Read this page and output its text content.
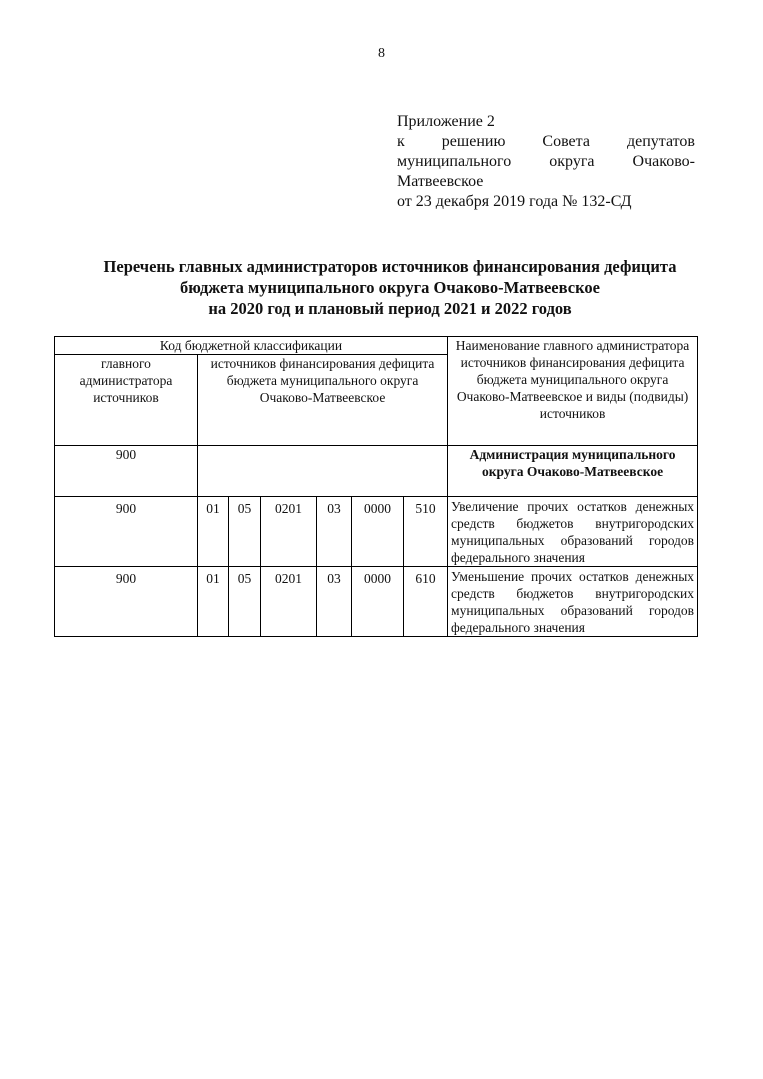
8
Приложение 2
к решению Совета депутатов
муниципального округа Очаково-
Матвеевское
от 23 декабря 2019 года № 132-СД
Перечень главных администраторов источников финансирования дефицита
бюджета муниципального округа Очаково-Матвеевское
на 2020 год и плановый период 2021 и 2022 годов
Код бюджетной классификации							Наименование главного администратора источников финансирования дефицита бюджета муниципального округа Очаково-Матвеевское и виды (подвиды) источников
главного администратора источников	источников финансирования дефицита бюджета муниципального округа Очаково-Матвеевское						
900							Администрация муниципального округа Очаково-Матвеевское
900	01	05	0201	03	0000	510	Увеличение прочих остатков денежных средств бюджетов внутригородских муниципальных образований городов
федерального значения

900	01	05	0201	03	0000	610	Уменьшение прочих остатков денежных средств бюджетов внутригородских муниципальных образований городов
федерального значения
